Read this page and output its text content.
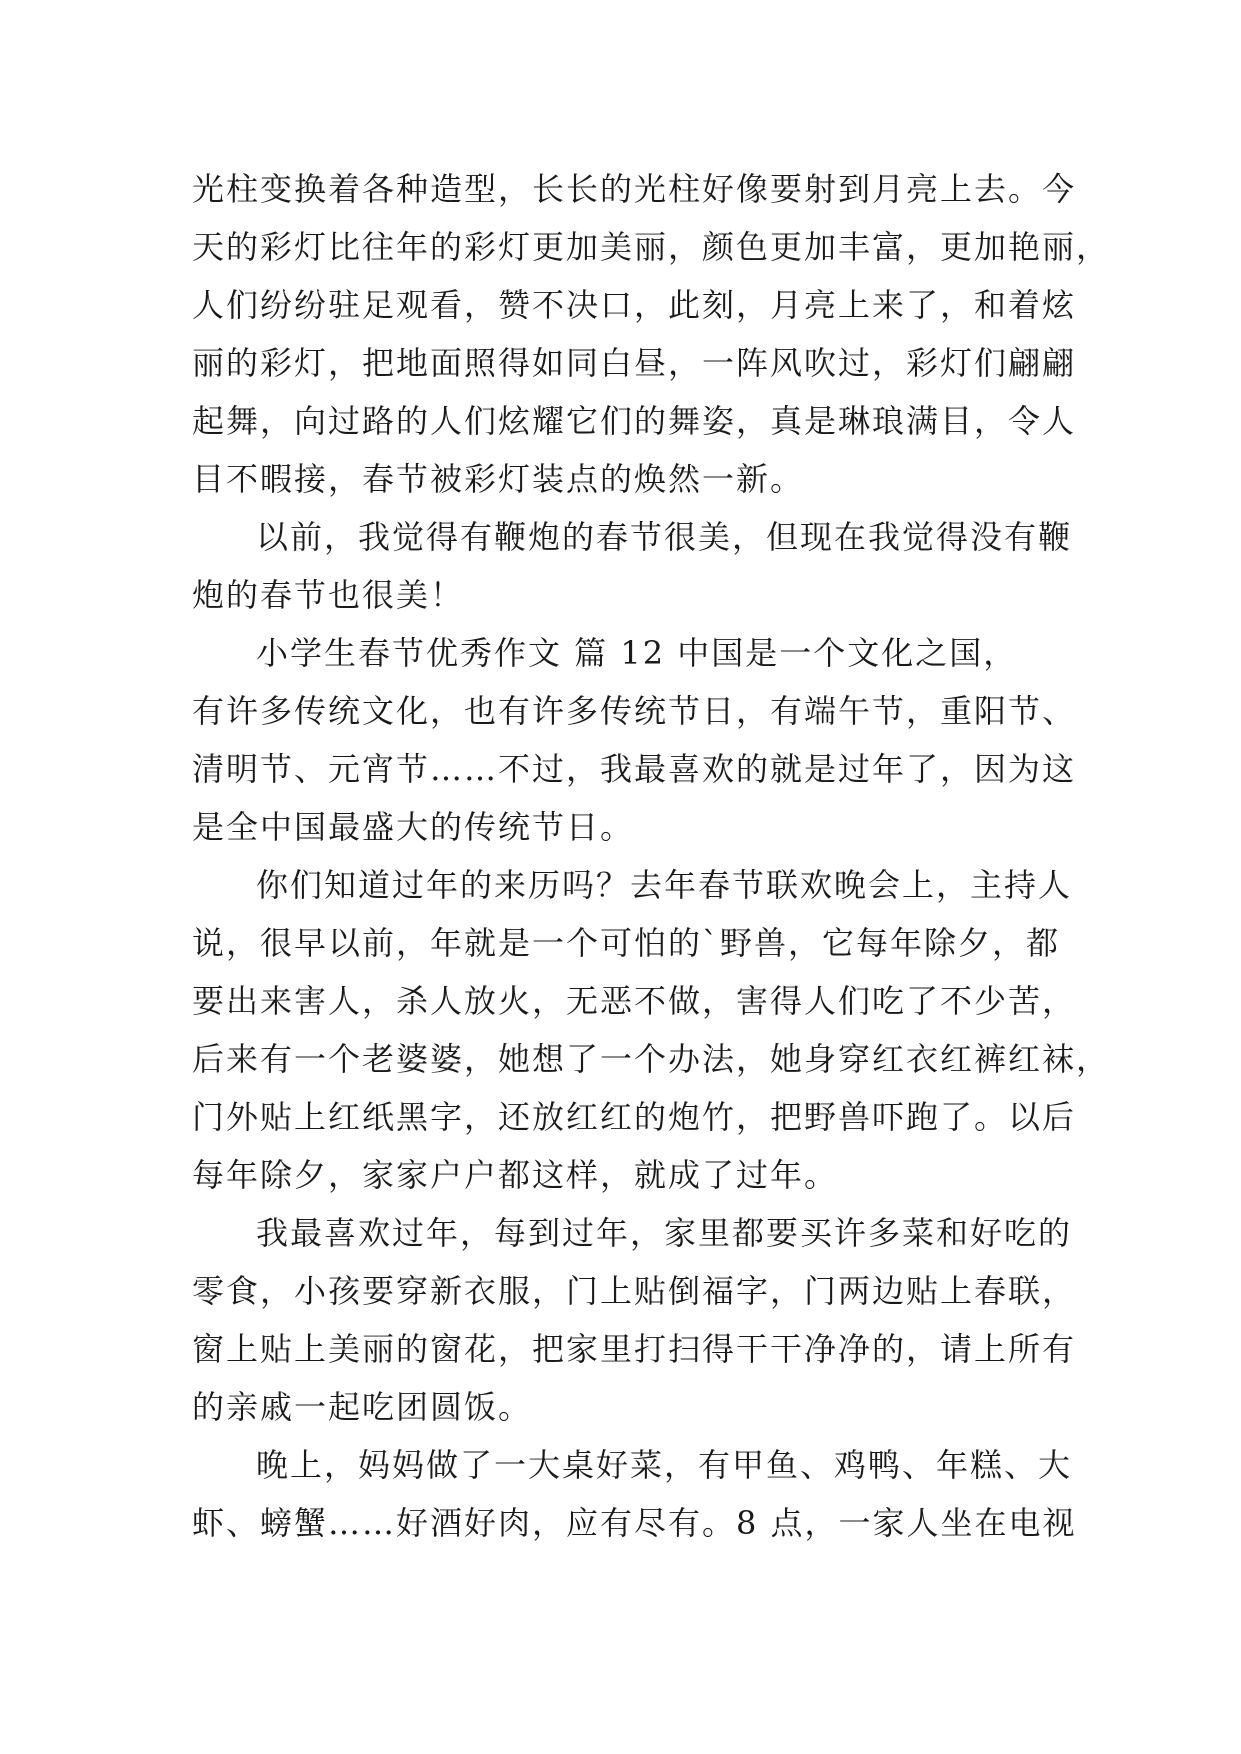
光柱变换着各种造型，长长的光柱好像要射到月亮上去。今
天的彩灯比往年的彩灯更加美丽，颜色更加丰富，更加艳丽，
人们纷纷驻足观看，赞不决口，此刻，月亮上来了，和着炫
丽的彩灯，把地面照得如同白昼，一阵风吹过，彩灯们翩翩
起舞，向过路的人们炫耀它们的舞姿，真是琳琅满目，令人
目不暇接，春节被彩灯装点的焕然一新。
以前，我觉得有鞭炮的春节很美，但现在我觉得没有鞭
炮的春节也很美！
小学生春节优秀作文 篇 12 中国是一个文化之国，
有许多传统文化，也有许多传统节日，有端午节，重阳节、
清明节、元宵节……不过，我最喜欢的就是过年了，因为这
是全中国最盛大的传统节日。
你们知道过年的来历吗？去年春节联欢晚会上，主持人
说，很早以前，年就是一个可怕的`野兽，它每年除夕，都
要出来害人，杀人放火，无恶不做，害得人们吃了不少苦，
后来有一个老婆婆，她想了一个办法，她身穿红衣红裤红袜，
门外贴上红纸黑字，还放红红的炮竹，把野兽吓跑了。以后
每年除夕，家家户户都这样，就成了过年。
我最喜欢过年，每到过年，家里都要买许多菜和好吃的
零食，小孩要穿新衣服，门上贴倒福字，门两边贴上春联，
窗上贴上美丽的窗花，把家里打扫得干干净净的，请上所有
的亲戚一起吃团圆饭。
晚上，妈妈做了一大桌好菜，有甲鱼、鸡鸭、年糕、大
虾、螃蟹……好酒好肉，应有尽有。8 点，一家人坐在电视
